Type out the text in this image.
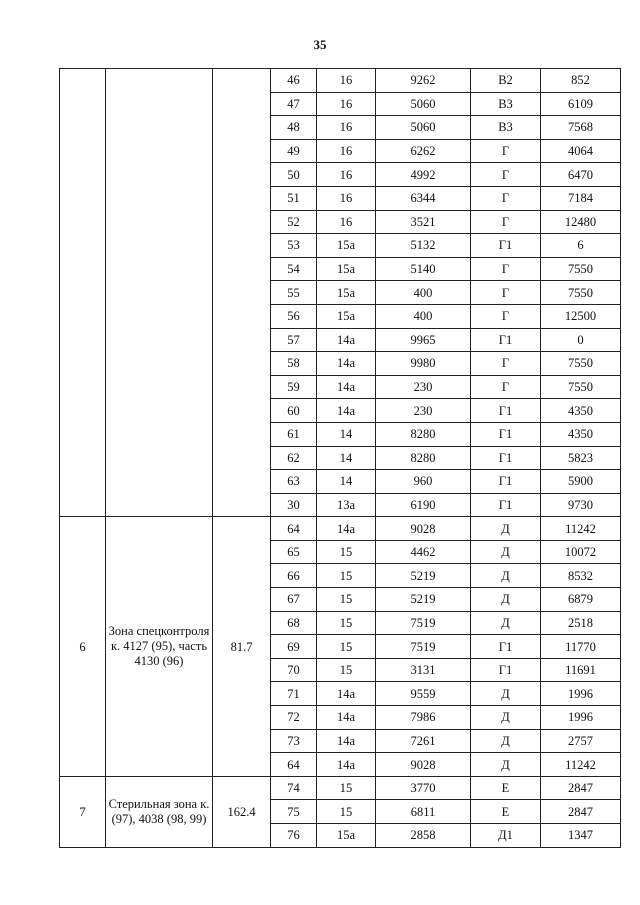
35
			46	16	9262	В2	852
			47	16	5060	В3	6109
			48	16	5060	В3	7568
			49	16	6262	Г	4064
			50	16	4992	Г	6470
			51	16	6344	Г	7184
			52	16	3521	Г	12480
			53	15а	5132	Г1	6
			54	15а	5140	Г	7550
			55	15а	400	Г	7550
			56	15а	400	Г	12500
			57	14а	9965	Г1	0
			58	14а	9980	Г	7550
			59	14а	230	Г	7550
			60	14а	230	Г1	4350
			61	14	8280	Г1	4350
			62	14	8280	Г1	5823
			63	14	960	Г1	5900
			30	13а	6190	Г1	9730
6	Зона спецконтроля к. 4127 (95), часть 4130 (96)	81.7	64	14а	9028	Д	11242
			65	15	4462	Д	10072
			66	15	5219	Д	8532
			67	15	5219	Д	6879
			68	15	7519	Д	2518
			69	15	7519	Г1	11770
			70	15	3131	Г1	11691
			71	14а	9559	Д	1996
			72	14а	7986	Д	1996
			73	14а	7261	Д	2757
			64	14а	9028	Д	11242
7	Стерильная зона к. (97), 4038 (98, 99)	162.4	74	15	3770	Е	2847
			75	15	6811	Е	2847
			76	15а	2858	Д1	1347
